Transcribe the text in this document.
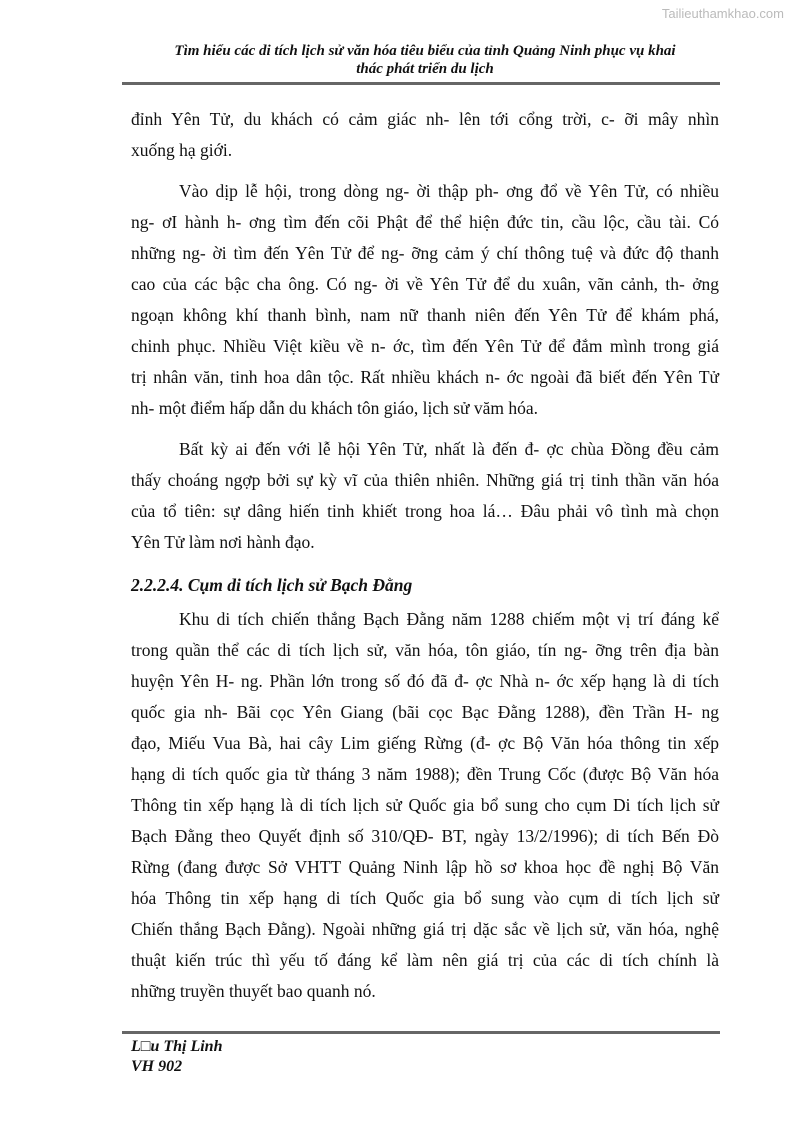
Tailieuthamkhao.com
Tìm hiểu các di tích lịch sử văn hóa tiêu biểu của tỉnh Quảng Ninh phục vụ khai
thác phát triển du lịch
đỉnh Yên Tử, du khách có cảm giác nh- lên tới cổng trời, c- ỡi mây nhìn
xuống hạ giới.
Vào dịp lễ hội, trong dòng ng- ời thập ph- ơng đổ về Yên Tử, có nhiều
ng- ơI hành h- ơng tìm đến cõi Phật để thể hiện đức tin, cầu lộc, cầu tài. Có
những ng- ời tìm đến Yên Tử để ng- ỡng cảm ý chí thông tuệ và đức độ thanh
cao của các bậc cha ông. Có ng- ời về Yên Tử để du xuân, vãn cảnh, th- ởng
ngoạn không khí thanh bình, nam nữ thanh niên đến Yên Tử để khám phá,
chinh phục. Nhiều Việt kiều về n- ớc, tìm đến Yên Tử để đắm mình trong giá
trị nhân văn, tinh hoa dân tộc. Rất nhiều khách n- ớc ngoài đã biết đến Yên Tử
nh- một điểm hấp dẫn du khách tôn giáo, lịch sử văm hóa.
Bất kỳ ai đến với lễ hội Yên Tử, nhất là đến đ- ợc chùa Đồng đều cảm
thấy choáng ngợp bởi sự kỳ vĩ của thiên nhiên. Những giá trị tinh thần văn hóa
của tổ tiên: sự dâng hiến tinh khiết trong hoa lá… Đâu phải vô tình mà chọn
Yên Tử làm nơi hành đạo.
2.2.2.4. Cụm di tích lịch sử Bạch Đằng
Khu di tích chiến thắng Bạch Đằng năm 1288 chiếm một vị trí đáng kể
trong quần thể các di tích lịch sử, văn hóa, tôn giáo, tín ng- ỡng trên địa bàn
huyện Yên H- ng. Phần lớn trong số đó đã đ- ợc Nhà n- ớc xếp hạng là di tích
quốc gia nh- Bãi cọc Yên Giang (bãi cọc Bạc Đằng 1288), đền Trần H- ng
đạo, Miếu Vua Bà, hai cây Lim giếng Rừng (đ- ợc Bộ Văn hóa thông tin xếp
hạng di tích quốc gia từ tháng 3 năm 1988); đền Trung Cốc (được Bộ Văn hóa
Thông tin xếp hạng là di tích lịch sử Quốc gia bổ sung cho cụm Di tích lịch sử
Bạch Đằng theo Quyết định số 310/QĐ- BT, ngày 13/2/1996); di tích Bến Đò
Rừng (đang được Sở VHTT Quảng Ninh lập hồ sơ khoa học đề nghị Bộ Văn
hóa Thông tin xếp hạng di tích Quốc gia bổ sung vào cụm di tích lịch sử
Chiến thắng Bạch Đằng). Ngoài những giá trị dặc sắc về lịch sử, văn hóa, nghệ
thuật kiến trúc thì yếu tố đáng kể làm nên giá trị của các di tích chính là
những truyền thuyết bao quanh nó.
L□u Thị Linh
VH 902
